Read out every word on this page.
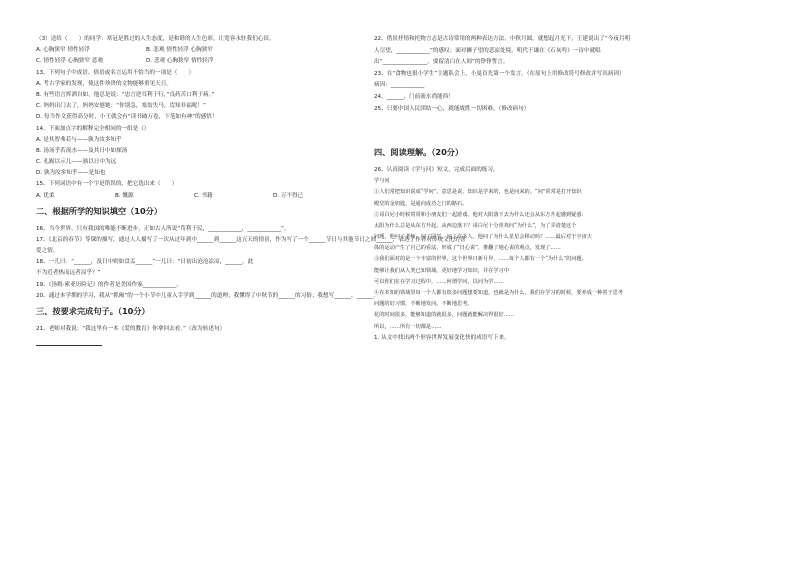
（3）送给（　　）的同学：寒冠是胜过的人生态度，是和谐的人生色彩，让宽容永驻我们心田。
A. 心胸狭窄 情性轻浮	B. 悲观 情性轻浮 心胸狭窄
C. 情性轻浮 心胸狭窄 悲观	D. 悲观 心胸狭窄 情性轻浮
13、下列句子中成语、俗语或名言运用不恰当的一项是（　　）
A. 考古学家的发现，使这件珍贵的文物能够重见天日。
B. 有些语言挥洒自如，他总是说：“忠言逆耳利于行，”良药苦口利于病。”
C. 妈妈出门去了，妈妈安慰她：“你别急，塞翁失马，焉知非福呢！”
D. 每当作文获得高分时，小王就会有“读书破万卷，下笔如有神”的感悟！
14、下面加点字的解释完全相同的一组是（）
A. 是其智弗若与——孰为汝多知乎
B. 汤汤乎若流水——及其日中如探汤
C. 孔踞以示儿——孰以日中为远
D. 孰为汝多知乎——是知也
15、下列词语中有一个字是错误的，把它选出来（　　）
A. 优柔	B. 慨源	C. 书籍	D. 万不得已
二、根据所学的知识填空（10分）
16、当今世界，只有我国的唯能不断进步，正如古人所说“苟利于民，____________，____________”。
17、《北京的春节》等课的描写，通过人人描写了一次从过年到中______到______这五天的情景，作为写了一个______节日与其他节日之间______，表达了作者对传统文化的喜
爱之情。
18、一儿曰：“______，及日中则如盘盂______”一儿曰：“日初出沧沧凉凉，______，此
不为近者热而远者凉乎？”
19、《汤姆·索亚历险记》的作者是美国作家____________。
20、通过本学期的学习，我从“抓阄”的一个小节中儿童入手学到______的道理；我懂得了中秋节的______的习俗；我想写______，______。
三、按要求完成句子。（10分）
21、老师对我说：“我这里有一本《爱的教育》你拿回去看。”（改为转述句）
22、借景抒情和托物言志是古诗常用的两种表达方法。中秋月圆，就想起月光下，王建说出了“今夜月明
人尽望，____________”的感叹；面对狮子望的悲凉处境，明代于谦在《石灰吟》一诗中就唱
出“________________，要留清白在人间”的铮铮誓言。
23、在“食物也很小学生”主题队会上，小曼首先第一个发言。（在原句上用修改符号修改并写出病因）
病因：____________
24、______，门前流水尚能西！
25、只要中国人民团结一心，就能战胜一切困难。（修改病句）
四、阅读理解。（20分）
26、认真阅读《学与问》短文，完成后面的练习。
学与问
①人们常把知识说成“学问”，意思是说，知识是学来的，也是问来的。“问”常常是打开知识
殿堂的金钥匙，是通向成功之门的路石。
②哥白尼小时候常常和小朋友们一起游戏。他对大阳落下去为什么还会从东方升起感到疑惑：
太阳为什么总是从东方升起，从西边落下？哥白尼十分喜欢问“为什么”，为了弄清楚这个
问题，他问了老师，问了同学，问了许多人。他问了为什么星星会移动吗？……最后对于宇宙天
体的运动产生了自己的看法，形成了“日心说”，推翻了地心说的观点，发现了……
③我们面对的是一个丰富的世界，这个世界日新月异，……每个人都有一个“为什么”的问题，
能够让我们从人类已知领域，更好地学习知识，并在学习中
可以你们在在学习过程中，……何谓学问，以问为学……
④在本知的领域里每一个人都有很多问题想要知道，也就是为什么，我们在学习的时候，要养成一种善于思考
问题的好习惯，不断地发问，不断地思考。
花的时间很多，能够知道的就很多，问题就能解决得很好……
所以，……所有一切都是……
1. 从文中找出两个形容世界发展变化快的成语写下来。
